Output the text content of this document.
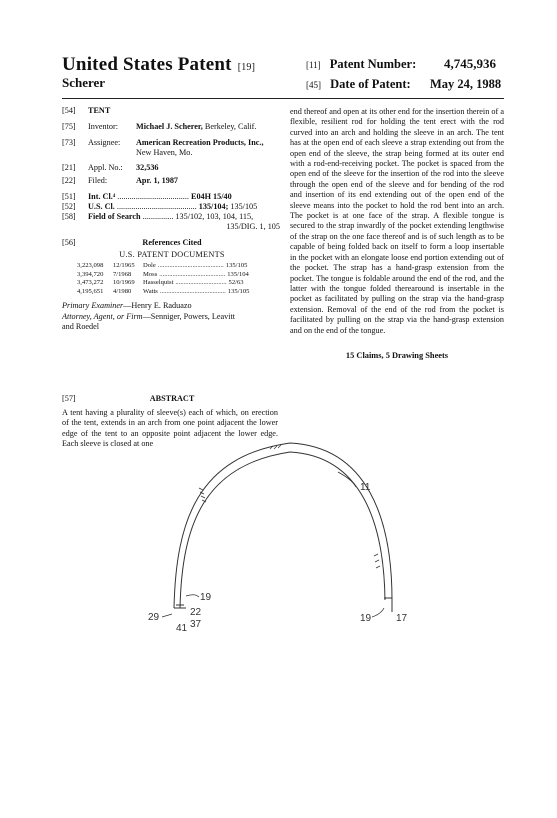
United States Patent [19]
Scherer
[11] Patent Number: 4,745,936
[45] Date of Patent: May 24, 1988
[54] TENT
[75] Inventor: Michael J. Scherer, Berkeley, Calif.
[73] Assignee: American Recreation Products, Inc.,
New Haven, Mo.
[21] Appl. No.: 32,536
[22] Filed:	Apr. 1, 1987
[51] Int. Cl.⁴ ................................... E04H 15/40
[52] U.S. Cl. ....................................... 135/104; 135/105
[58] Field of Search ............... 135/102, 103, 104, 115,
135/DIG. 1, 105
[56]	References Cited
U.S. PATENT DOCUMENTS
3,223,098 12/1965 Dole ........................................ 135/105
3,394,720 7/1968 Moss ........................................ 135/104
3,473,272 10/1969 Hasselquist ............................... 52/63
4,195,651 4/1980 Watts ........................................ 135/105
Primary Examiner—Henry E. Raduazo
Attorney, Agent, or Firm—Senniger, Powers, Leavitt
and Roedel
[57]	ABSTRACT
A tent having a plurality of sleeve(s) each of which, on erection of the tent, extends in an arch from one point adjacent the lower edge of the tent to an opposite point adjacent the lower edge. Each sleeve is closed at one
end thereof and open at its other end for the insertion therein of a flexible, resilient rod for holding the tent erect with the rod curved into an arch and holding the sleeve in an arch. The tent has at the open end of each sleeve a strap extending out from the open end of the sleeve, the strap being formed at its outer end with a rod-end-receiving pocket. The pocket is spaced from the open end of the sleeve for the insertion of the rod into the sleeve through the open end of the sleeve and for bending of the rod and insertion of its end extending out of the open end of the sleeve means into the pocket to hold the rod bent into an arch. The pocket is at one face of the strap. A flexible tongue is secured to the strap inwardly of the pocket extending lengthwise of the strap on the one face thereof and is of such length as to be capable of being folded back on itself to form a loop insertable in the pocket with an elongate loose end portion extending out of the pocket. The strap has a hand-grasp extension from the pocket. The tongue is foldable around the end of the rod, and the latter with the tongue folded therearound is insertable in the pocket as facilitated by pulling on the strap via the hand-grasp extension. Removal of the end of the rod from the pocket is facilitated by pulling on the strap via the hand-grasp extension and on the end of the tongue.
15 Claims, 5 Drawing Sheets
11
19
29	22
37
41
19 17
